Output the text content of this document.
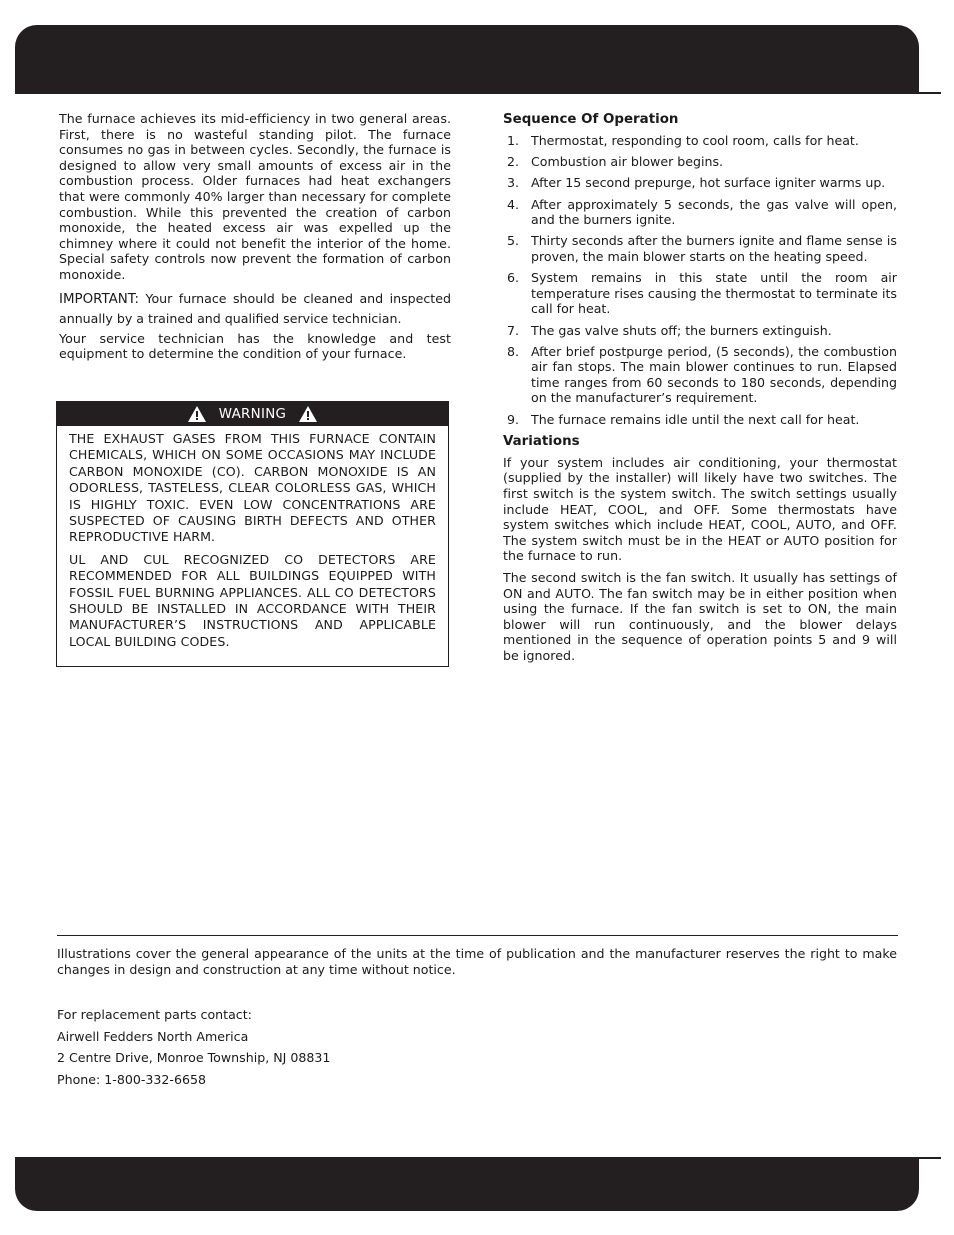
The furnace achieves its mid-efficiency in two general areas. First, there is no wasteful standing pilot. The furnace consumes no gas in between cycles. Secondly, the furnace is designed to allow very small amounts of excess air in the combustion process. Older furnaces had heat exchangers that were commonly 40% larger than necessary for complete combustion. While this prevented the creation of carbon monoxide, the heated excess air was expelled up the chimney where it could not benefit the interior of the home. Special safety controls now prevent the formation of carbon monoxide.

IMPORTANT: Your furnace should be cleaned and inspected annually by a trained and qualified service technician.

Your service technician has the knowledge and test equipment to determine the condition of your furnace.

WARNING

THE EXHAUST GASES FROM THIS FURNACE CONTAIN CHEMICALS, WHICH ON SOME OCCASIONS MAY INCLUDE CARBON MONOXIDE (CO). CARBON MONOXIDE IS AN ODORLESS, TASTELESS, CLEAR COLORLESS GAS, WHICH IS HIGHLY TOXIC. EVEN LOW CONCENTRATIONS ARE SUSPECTED OF CAUSING BIRTH DEFECTS AND OTHER REPRODUCTIVE HARM.

UL AND CUL RECOGNIZED CO DETECTORS ARE RECOMMENDED FOR ALL BUILDINGS EQUIPPED WITH FOSSIL FUEL BURNING APPLIANCES. ALL CO DETECTORS SHOULD BE INSTALLED IN ACCORDANCE WITH THEIR MANUFACTURER’S INSTRUCTIONS AND APPLICABLE LOCAL BUILDING CODES.

Sequence Of Operation
1. Thermostat, responding to cool room, calls for heat.
2. Combustion air blower begins.
3. After 15 second prepurge, hot surface igniter warms up.
4. After approximately 5 seconds, the gas valve will open, and the burners ignite.
5. Thirty seconds after the burners ignite and flame sense is proven, the main blower starts on the heating speed.
6. System remains in this state until the room air temperature rises causing the thermostat to terminate its call for heat.
7. The gas valve shuts off; the burners extinguish.
8. After brief postpurge period, (5 seconds), the combustion air fan stops. The main blower continues to run. Elapsed time ranges from 60 seconds to 180 seconds, depending on the manufacturer’s requirement.
9. The furnace remains idle until the next call for heat.
Variations

If your system includes air conditioning, your thermostat (supplied by the installer) will likely have two switches. The first switch is the system switch. The switch settings usually include HEAT, COOL, and OFF. Some thermostats have system switches which include HEAT, COOL, AUTO, and OFF. The system switch must be in the HEAT or AUTO position for the furnace to run.

The second switch is the fan switch. It usually has settings of ON and AUTO. The fan switch may be in either position when using the furnace. If the fan switch is set to ON, the main blower will run continuously, and the blower delays mentioned in the sequence of operation points 5 and 9 will be ignored.

Illustrations cover the general appearance of the units at the time of publication and the manufacturer reserves the right to make changes in design and construction at any time without notice.

For replacement parts contact:

Airwell Fedders North America

2 Centre Drive, Monroe Township, NJ 08831

Phone: 1-800-332-6658
